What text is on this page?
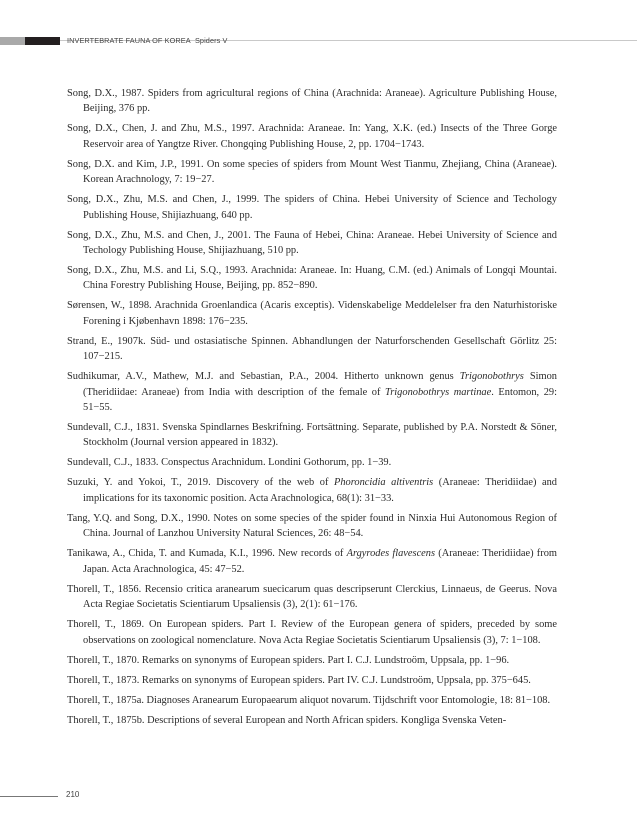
INVERTEBRATE FAUNA OF KOREA Spiders V
Song, D.X., 1987. Spiders from agricultural regions of China (Arachnida: Araneae). Agriculture Publishing House, Beijing, 376 pp.
Song, D.X., Chen, J. and Zhu, M.S., 1997. Arachnida: Araneae. In: Yang, X.K. (ed.) Insects of the Three Gorge Reservoir area of Yangtze River. Chongqing Publishing House, 2, pp. 1704−1743.
Song, D.X. and Kim, J.P., 1991. On some species of spiders from Mount West Tianmu, Zhejiang, China (Araneae). Korean Arachnology, 7: 19−27.
Song, D.X., Zhu, M.S. and Chen, J., 1999. The spiders of China. Hebei University of Science and Techology Publishing House, Shijiazhuang, 640 pp.
Song, D.X., Zhu, M.S. and Chen, J., 2001. The Fauna of Hebei, China: Araneae. Hebei University of Science and Techology Publishing House, Shijiazhuang, 510 pp.
Song, D.X., Zhu, M.S. and Li, S.Q., 1993. Arachnida: Araneae. In: Huang, C.M. (ed.) Animals of Longqi Mountai. China Forestry Publishing House, Beijing, pp. 852−890.
Sørensen, W., 1898. Arachnida Groenlandica (Acaris exceptis). Videnskabelige Meddelelser fra den Naturhistoriske Forening i Kjøbenhavn 1898: 176−235.
Strand, E., 1907k. Süd- und ostasiatische Spinnen. Abhandlungen der Naturforschenden Gesellschaft Görlitz 25: 107−215.
Sudhikumar, A.V., Mathew, M.J. and Sebastian, P.A., 2004. Hitherto unknown genus Trigonobothrys Simon (Theridiidae: Araneae) from India with description of the female of Trigonobothrys martinae. Entomon, 29: 51−55.
Sundevall, C.J., 1831. Svenska Spindlarnes Beskrifning. Fortsättning. Separate, published by P.A. Norstedt & Söner, Stockholm (Journal version appeared in 1832).
Sundevall, C.J., 1833. Conspectus Arachnidum. Londini Gothorum, pp. 1−39.
Suzuki, Y. and Yokoi, T., 2019. Discovery of the web of Phoroncidia altiventris (Araneae: Theridiidae) and implications for its taxonomic position. Acta Arachnologica, 68(1): 31−33.
Tang, Y.Q. and Song, D.X., 1990. Notes on some species of the spider found in Ninxia Hui Autonomous Region of China. Journal of Lanzhou University Natural Sciences, 26: 48−54.
Tanikawa, A., Chida, T. and Kumada, K.I., 1996. New records of Argyrodes flavescens (Araneae: Theridiidae) from Japan. Acta Arachnologica, 45: 47−52.
Thorell, T., 1856. Recensio critica aranearum suecicarum quas descripserunt Clerckius, Linnaeus, de Geerus. Nova Acta Regiae Societatis Scientiarum Upsaliensis (3), 2(1): 61−176.
Thorell, T., 1869. On European spiders. Part I. Review of the European genera of spiders, preceded by some observations on zoological nomenclature. Nova Acta Regiae Societatis Scientiarum Upsaliensis (3), 7: 1−108.
Thorell, T., 1870. Remarks on synonyms of European spiders. Part I. C.J. Lundstroöm, Uppsala, pp. 1−96.
Thorell, T., 1873. Remarks on synonyms of European spiders. Part IV. C.J. Lundstroöm, Uppsala, pp. 375−645.
Thorell, T., 1875a. Diagnoses Aranearum Europaearum aliquot novarum. Tijdschrift voor Entomologie, 18: 81−108.
Thorell, T., 1875b. Descriptions of several European and North African spiders. Kongliga Svenska Veten-
210
